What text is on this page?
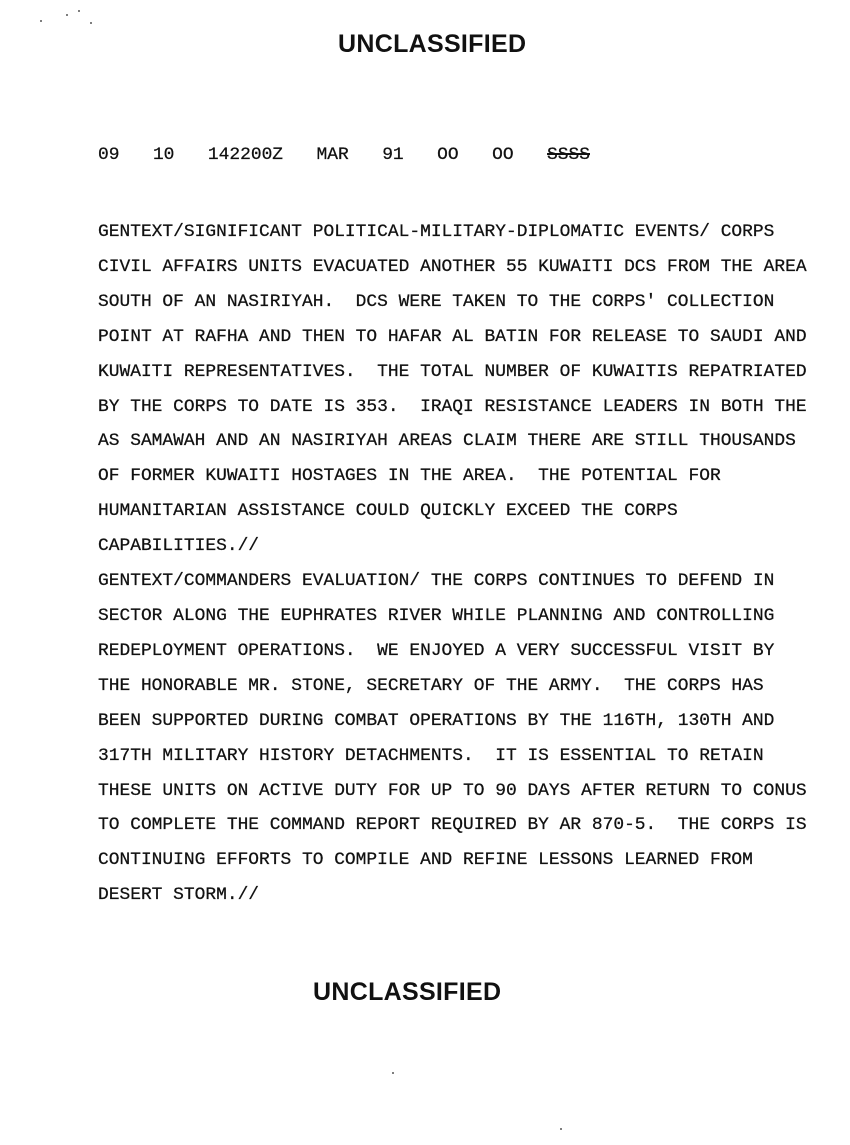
UNCLASSIFIED
09  10  142200Z  MAR  91  OO  OO SSSS
GENTEXT/SIGNIFICANT POLITICAL-MILITARY-DIPLOMATIC EVENTS/ CORPS
CIVIL AFFAIRS UNITS EVACUATED ANOTHER 55 KUWAITI DCS FROM THE AREA
SOUTH OF AN NASIRIYAH.  DCS WERE TAKEN TO THE CORPS' COLLECTION
POINT AT RAFHA AND THEN TO HAFAR AL BATIN FOR RELEASE TO SAUDI AND
KUWAITI REPRESENTATIVES.  THE TOTAL NUMBER OF KUWAITIS REPATRIATED
BY THE CORPS TO DATE IS 353.  IRAQI RESISTANCE LEADERS IN BOTH THE
AS SAMAWAH AND AN NASIRIYAH AREAS CLAIM THERE ARE STILL THOUSANDS
OF FORMER KUWAITI HOSTAGES IN THE AREA.  THE POTENTIAL FOR
HUMANITARIAN ASSISTANCE COULD QUICKLY EXCEED THE CORPS
CAPABILITIES.//
GENTEXT/COMMANDERS EVALUATION/ THE CORPS CONTINUES TO DEFEND IN
SECTOR ALONG THE EUPHRATES RIVER WHILE PLANNING AND CONTROLLING
REDEPLOYMENT OPERATIONS.  WE ENJOYED A VERY SUCCESSFUL VISIT BY
THE HONORABLE MR. STONE, SECRETARY OF THE ARMY.  THE CORPS HAS
BEEN SUPPORTED DURING COMBAT OPERATIONS BY THE 116TH, 130TH AND
317TH MILITARY HISTORY DETACHMENTS.  IT IS ESSENTIAL TO RETAIN
THESE UNITS ON ACTIVE DUTY FOR UP TO 90 DAYS AFTER RETURN TO CONUS
TO COMPLETE THE COMMAND REPORT REQUIRED BY AR 870-5.  THE CORPS IS
CONTINUING EFFORTS TO COMPILE AND REFINE LESSONS LEARNED FROM
DESERT STORM.//
UNCLASSIFIED
